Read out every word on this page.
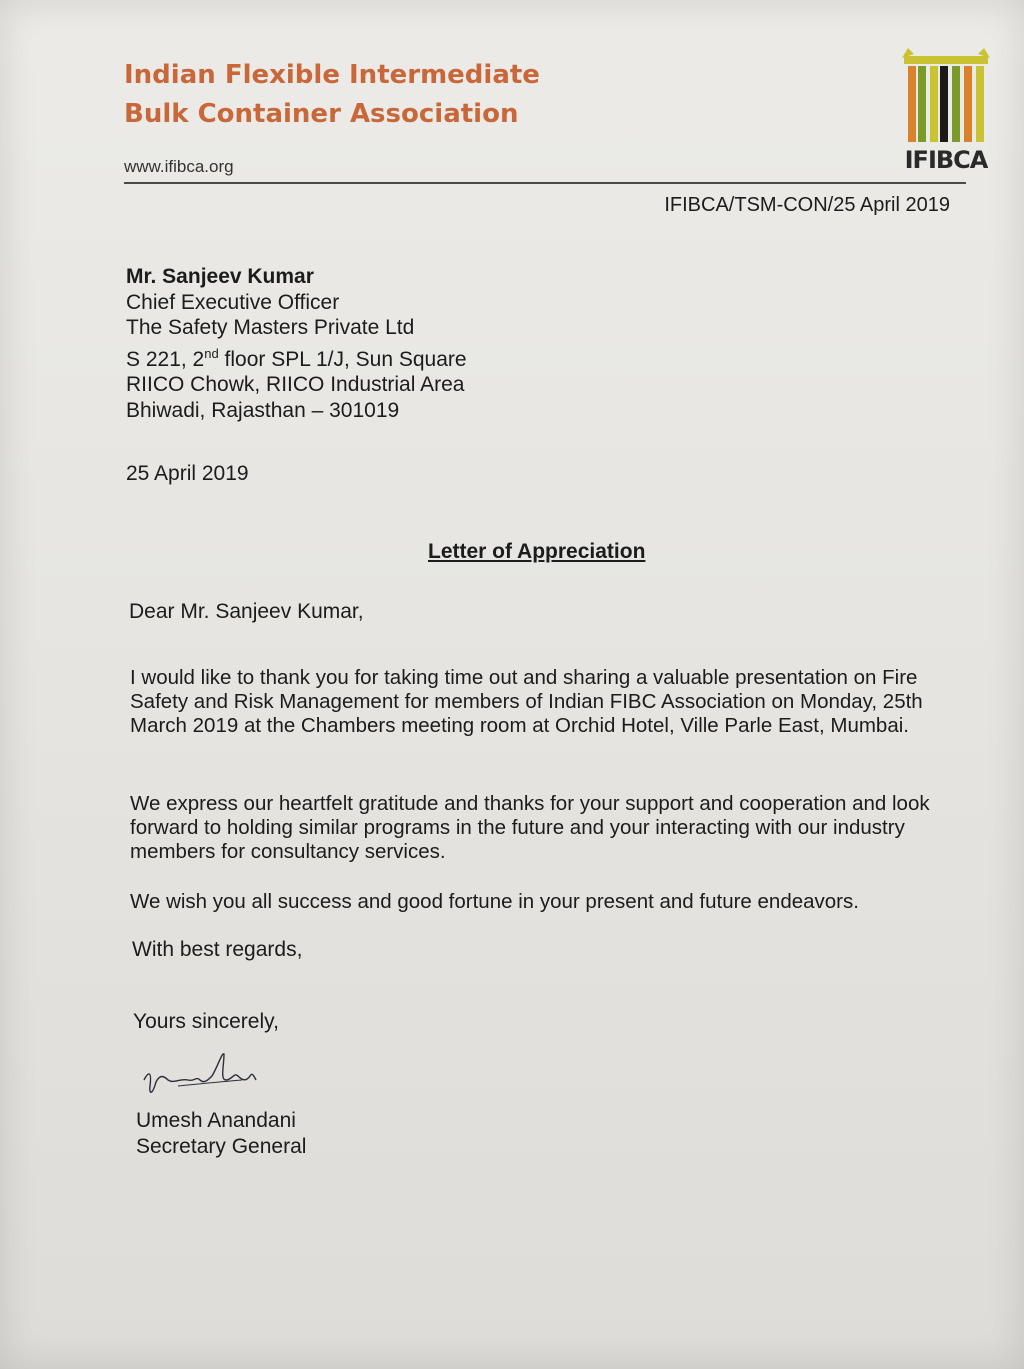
Indian Flexible Intermediate
Bulk Container Association
www.ifibca.org	IFIBCA
IFIBCA/TSM-CON/25 April 2019
Mr. Sanjeev Kumar
Chief Executive Officer
The Safety Masters Private Ltd
S 221, 2nd floor SPL 1/J, Sun Square
RIICO Chowk, RIICO Industrial Area
Bhiwadi, Rajasthan – 301019
25 April 2019
Letter of Appreciation
Dear Mr. Sanjeev Kumar,
I would like to thank you for taking time out and sharing a valuable presentation on Fire Safety and Risk Management for members of Indian FIBC Association on Monday, 25th March 2019 at the Chambers meeting room at Orchid Hotel, Ville Parle East, Mumbai.
We express our heartfelt gratitude and thanks for your support and cooperation and look forward to holding similar programs in the future and your interacting with our industry members for consultancy services.
We wish you all success and good fortune in your present and future endeavors.
With best regards,
Yours sincerely,
Umesh Anandani
Secretary General
